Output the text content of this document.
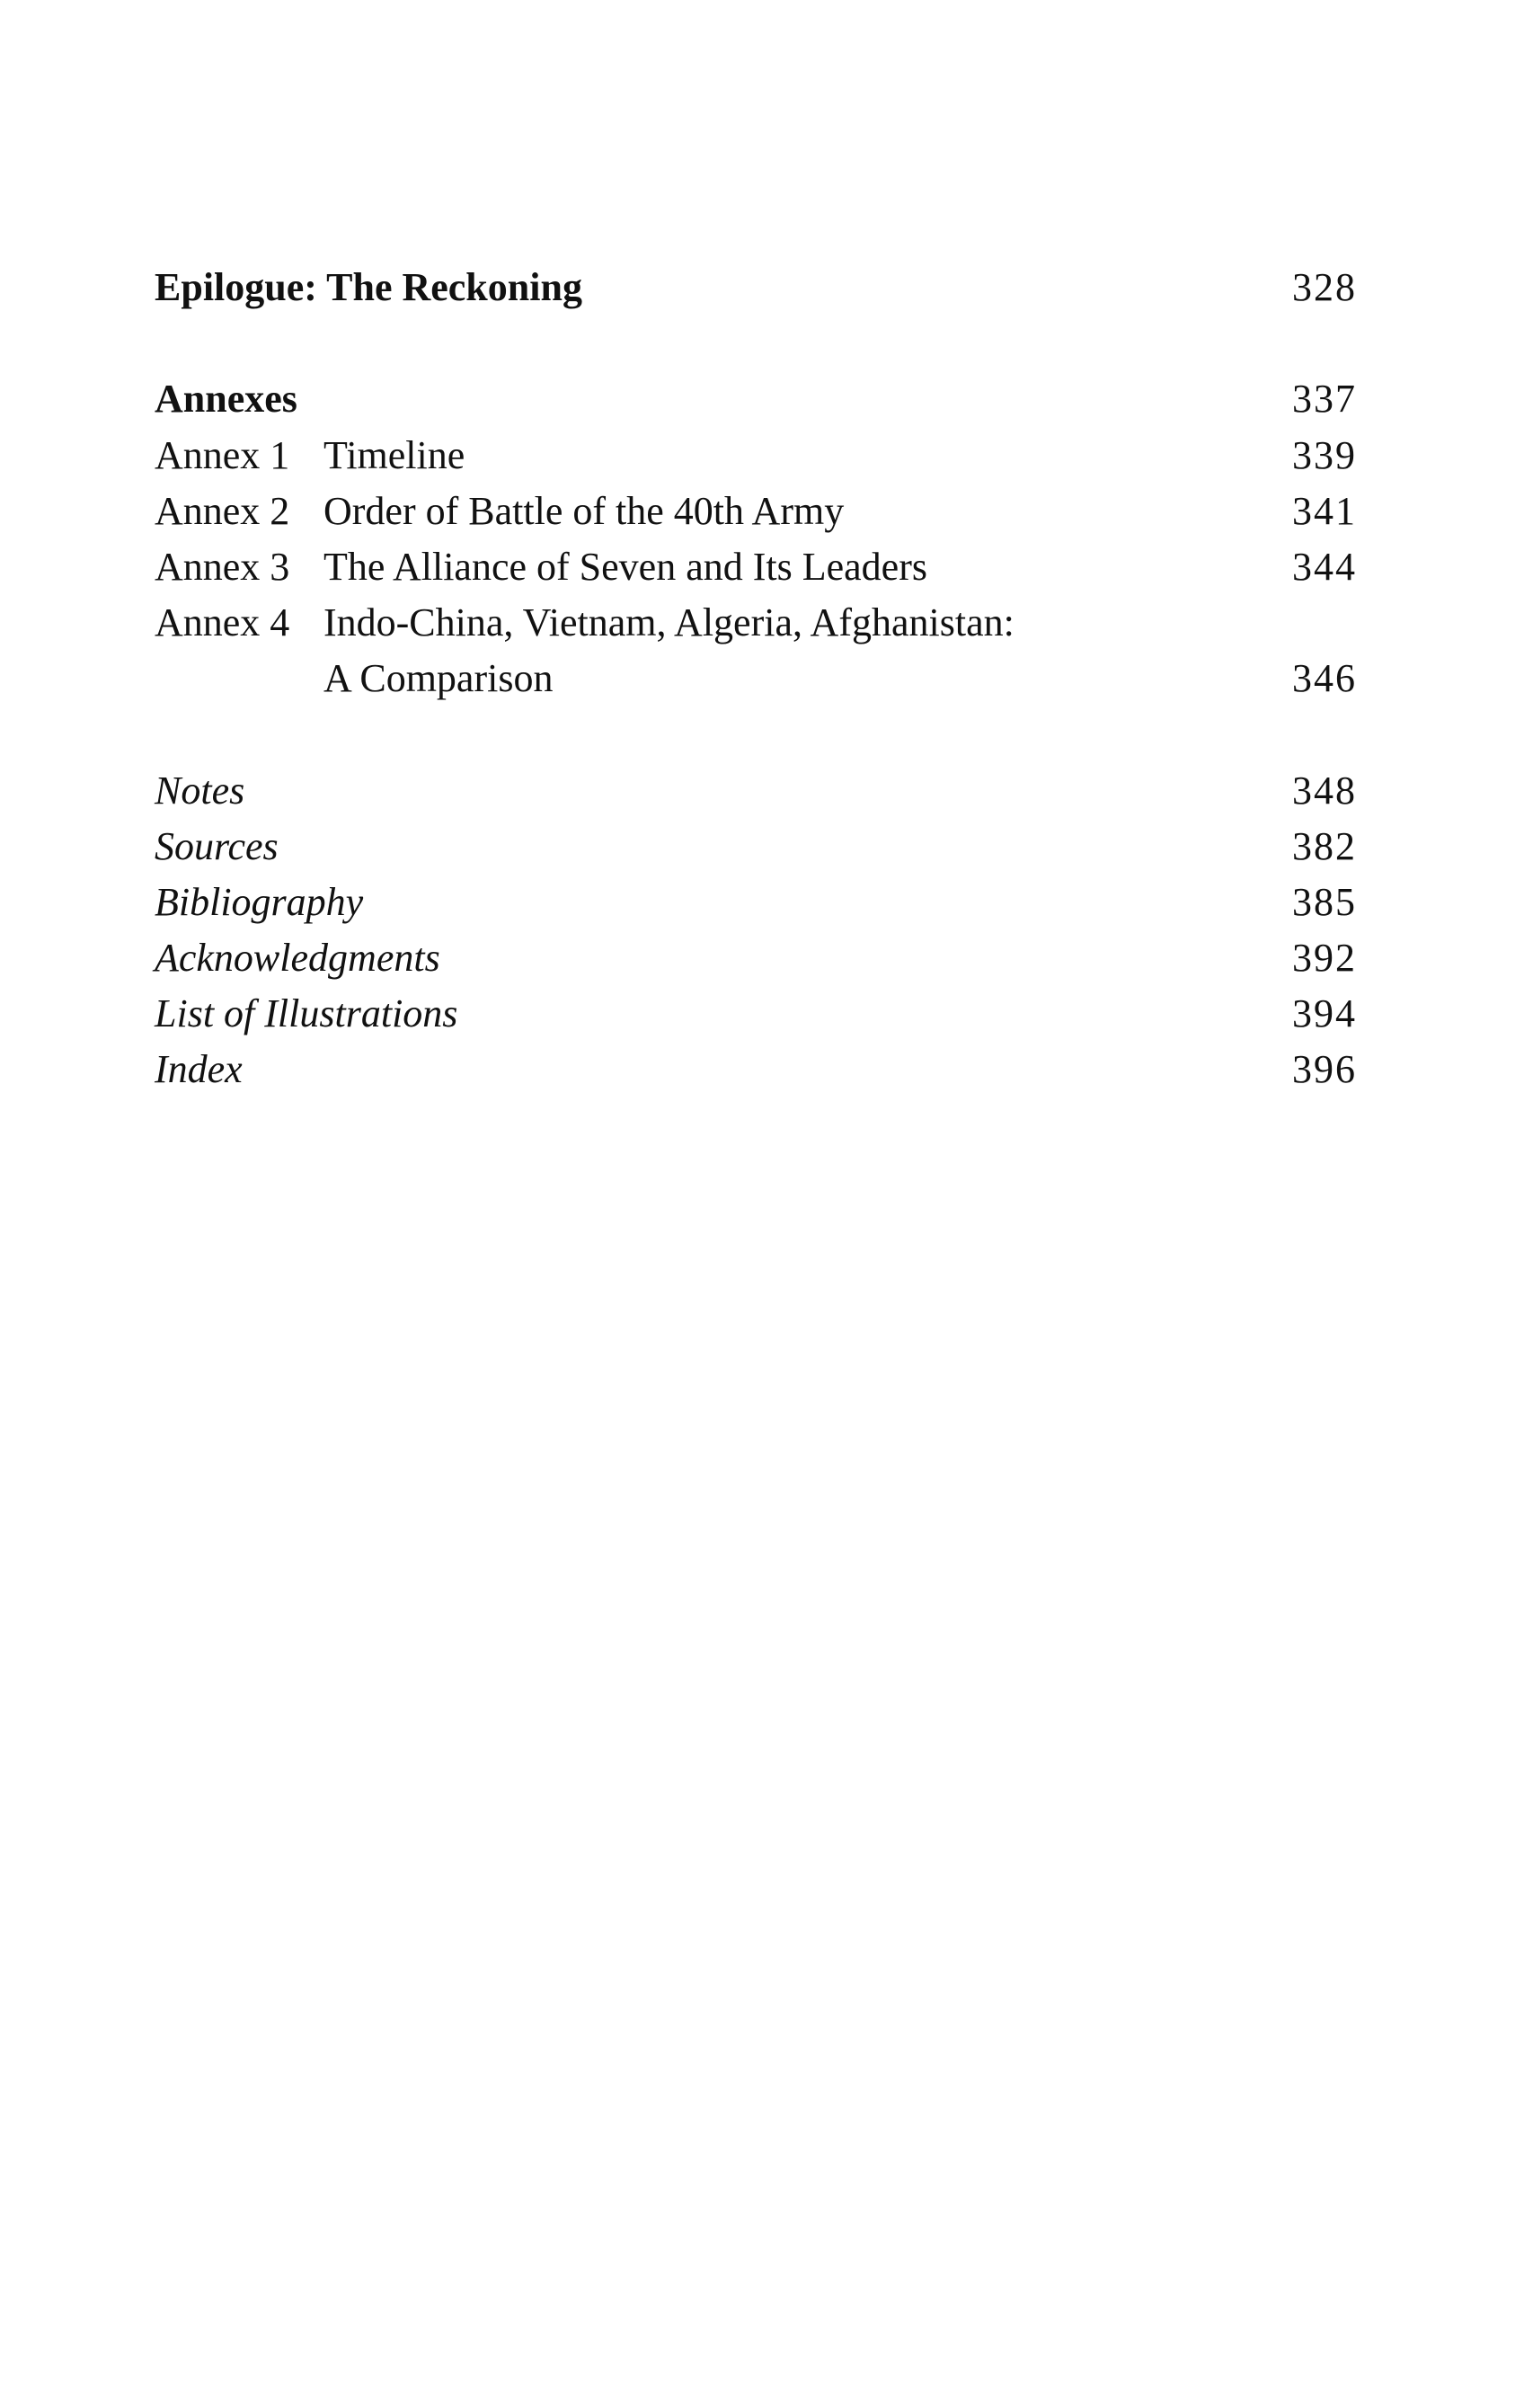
Epilogue: The Reckoning	328
Annexes	337
Annex 1 Timeline	339
Annex 2 Order of Battle of the 40th Army	341
Annex 3 The Alliance of Seven and Its Leaders	344
Annex 4 Indo-China, Vietnam, Algeria, Afghanistan:
A Comparison	346
Notes	348
Sources	382
Bibliography	385
Acknowledgments	392
List of Illustrations	394
Index	396
